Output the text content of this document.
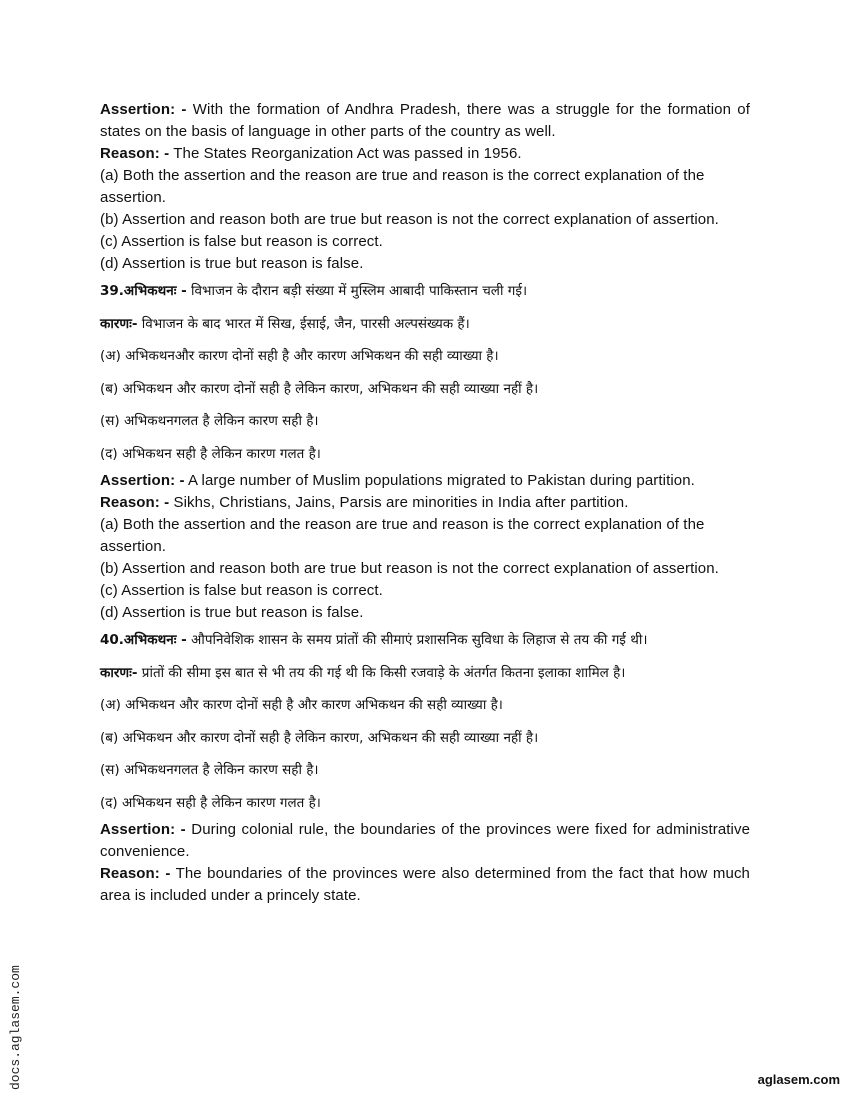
Assertion: - With the formation of Andhra Pradesh, there was a struggle for the formation of states on the basis of language in other parts of the country as well.

Reason: - The States Reorganization Act was passed in 1956.

(a) Both the assertion and the reason are true and reason is the correct explanation of the assertion.

(b) Assertion and reason both are true but reason is not the correct explanation of assertion.

(c) Assertion is false but reason is correct.

(d) Assertion is true but reason is false.

39.अभिकथनः - विभाजन के दौरान बड़ी संख्या में मुस्लिम आबादी पाकिस्तान चली गई।

कारणः- विभाजन के बाद भारत में सिख, ईसाई, जैन, पारसी अल्पसंख्यक हैं।

(अ) अभिकथनऔर कारण दोनों सही है और कारण अभिकथन की सही व्याख्या है।

(ब) अभिकथन और कारण दोनों सही है लेकिन कारण, अभिकथन की सही व्याख्या नहीं है।

(स) अभिकथनगलत है लेकिन कारण सही है।

(द) अभिकथन सही है लेकिन कारण गलत है।

Assertion: - A large number of Muslim populations migrated to Pakistan during partition.

Reason: - Sikhs, Christians, Jains, Parsis are minorities in India after partition.

(a) Both the assertion and the reason are true and reason is the correct explanation of the assertion.

(b) Assertion and reason both are true but reason is not the correct explanation of assertion.

(c) Assertion is false but reason is correct.

(d) Assertion is true but reason is false.

40.अभिकथनः - औपनिवेशिक शासन के समय प्रांतों की सीमाएं प्रशासनिक सुविधा के लिहाज से तय की गई थी।

कारणः- प्रांतों की सीमा इस बात से भी तय की गई थी कि किसी रजवाड़े के अंतर्गत कितना इलाका शामिल है।

(अ) अभिकथन और कारण दोनों सही है और कारण अभिकथन की सही व्याख्या है।

(ब) अभिकथन और कारण दोनों सही है लेकिन कारण, अभिकथन की सही व्याख्या नहीं है।

(स) अभिकथनगलत है लेकिन कारण सही है।

(द) अभिकथन सही है लेकिन कारण गलत है।

Assertion: - During colonial rule, the boundaries of the provinces were fixed for administrative convenience.

Reason: - The boundaries of the provinces were also determined from the fact that how much area is included under a princely state.

docs.aglasem.com	aglasem.com
